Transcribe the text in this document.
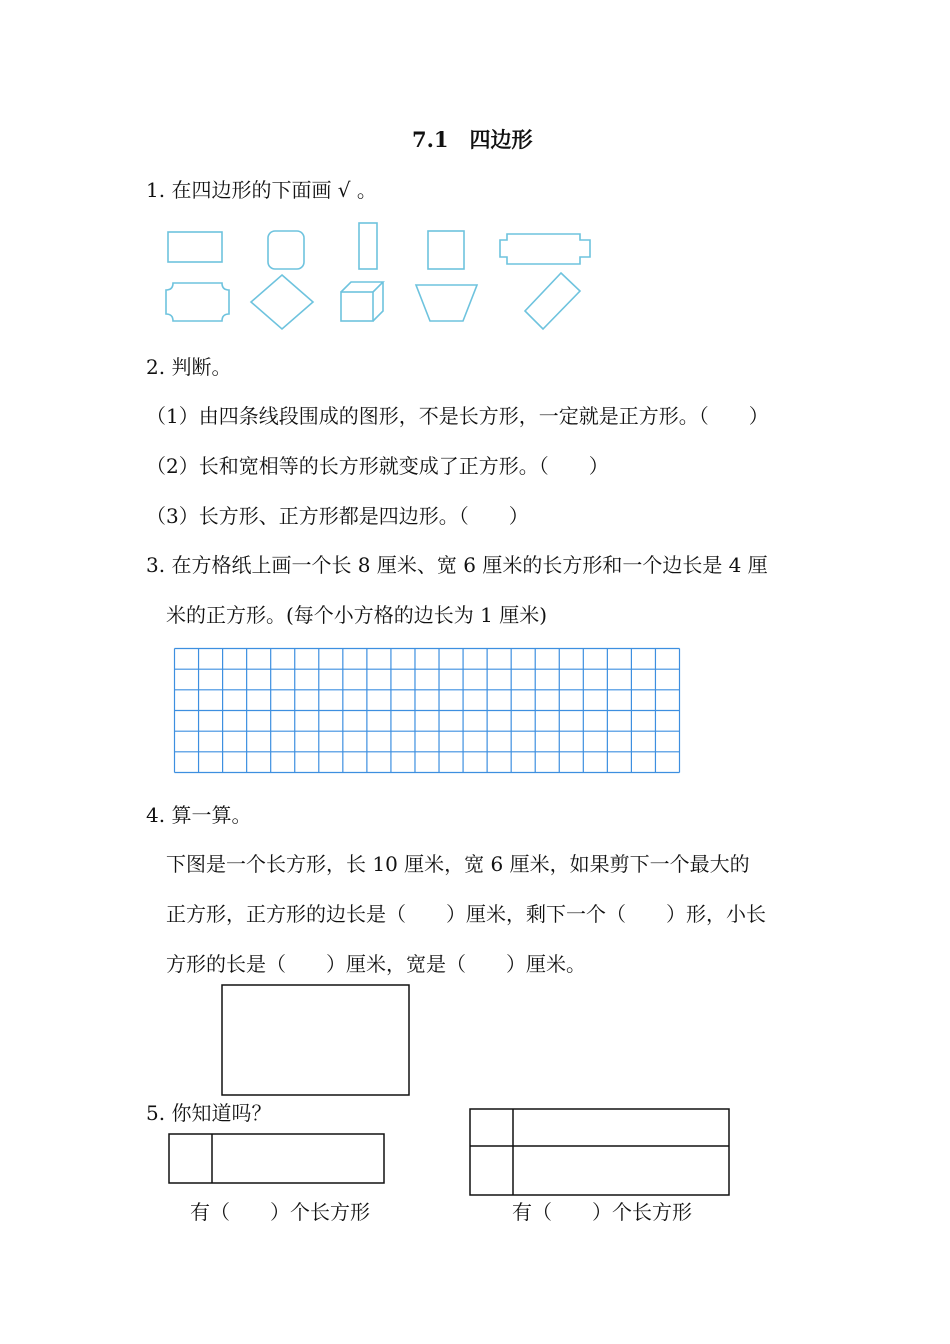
7.1　四边形
1. 在四边形的下面画 √ 。
2. 判断。
（1）由四条线段围成的图形，不是长方形，一定就是正方形。（　　）
（2）长和宽相等的长方形就变成了正方形。（　　）
（3）长方形、正方形都是四边形。（　　）
3. 在方格纸上画一个长 8 厘米、宽 6 厘米的长方形和一个边长是 4 厘
米的正方形。(每个小方格的边长为 1 厘米)
4. 算一算。
下图是一个长方形，长 10 厘米，宽 6 厘米，如果剪下一个最大的
正方形，正方形的边长是（　　）厘米，剩下一个（　　）形，小长
方形的长是（　　）厘米，宽是（　　）厘米。
5. 你知道吗？
有（　　）个长方形	有（　　）个长方形
